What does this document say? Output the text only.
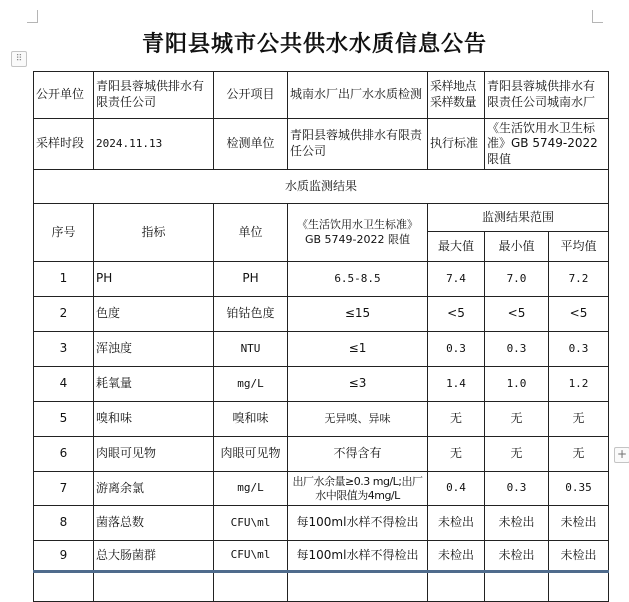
⠿
+
青阳县城市公共供水水质信息公告
公开单位	青阳县蓉城供排水有限责任公司	公开项目	城南水厂出厂水水质检测	采样地点采样数量	青阳县蓉城供排水有限责任公司城南水厂	
采样时段	2024.11.13	检测单位	青阳县蓉城供排水有限责任公司	执行标准	《生活饮用水卫生标准》GB 5749-2022限值	
水质监测结果						
序号	指标	单位	《生活饮用水卫生标准》GB 5749-2022 限值	监测结果范围		
				最大值	最小值	平均值
1	PH	PH	6.5-8.5	7.4	7.0	7.2
2	色度	铂钴色度	≤15	<5	<5	<5
3	浑浊度	NTU	≤1	0.3	0.3	0.3
4	耗氧量	mg/L	≤3	1.4	1.0	1.2
5	嗅和味	嗅和味	无异嗅、异味	无	无	无
6	肉眼可见物	肉眼可见物	不得含有	无	无	无
7	游离余氯	mg/L	出厂水余量≥0.3 mg/L;出厂水中限值为4mg/L	0.4	0.3	0.35
8	菌落总数	CFU\ml	每100ml水样不得检出	未检出	未检出	未检出
9	总大肠菌群	CFU\ml	每100ml水样不得检出	未检出	未检出	未检出
